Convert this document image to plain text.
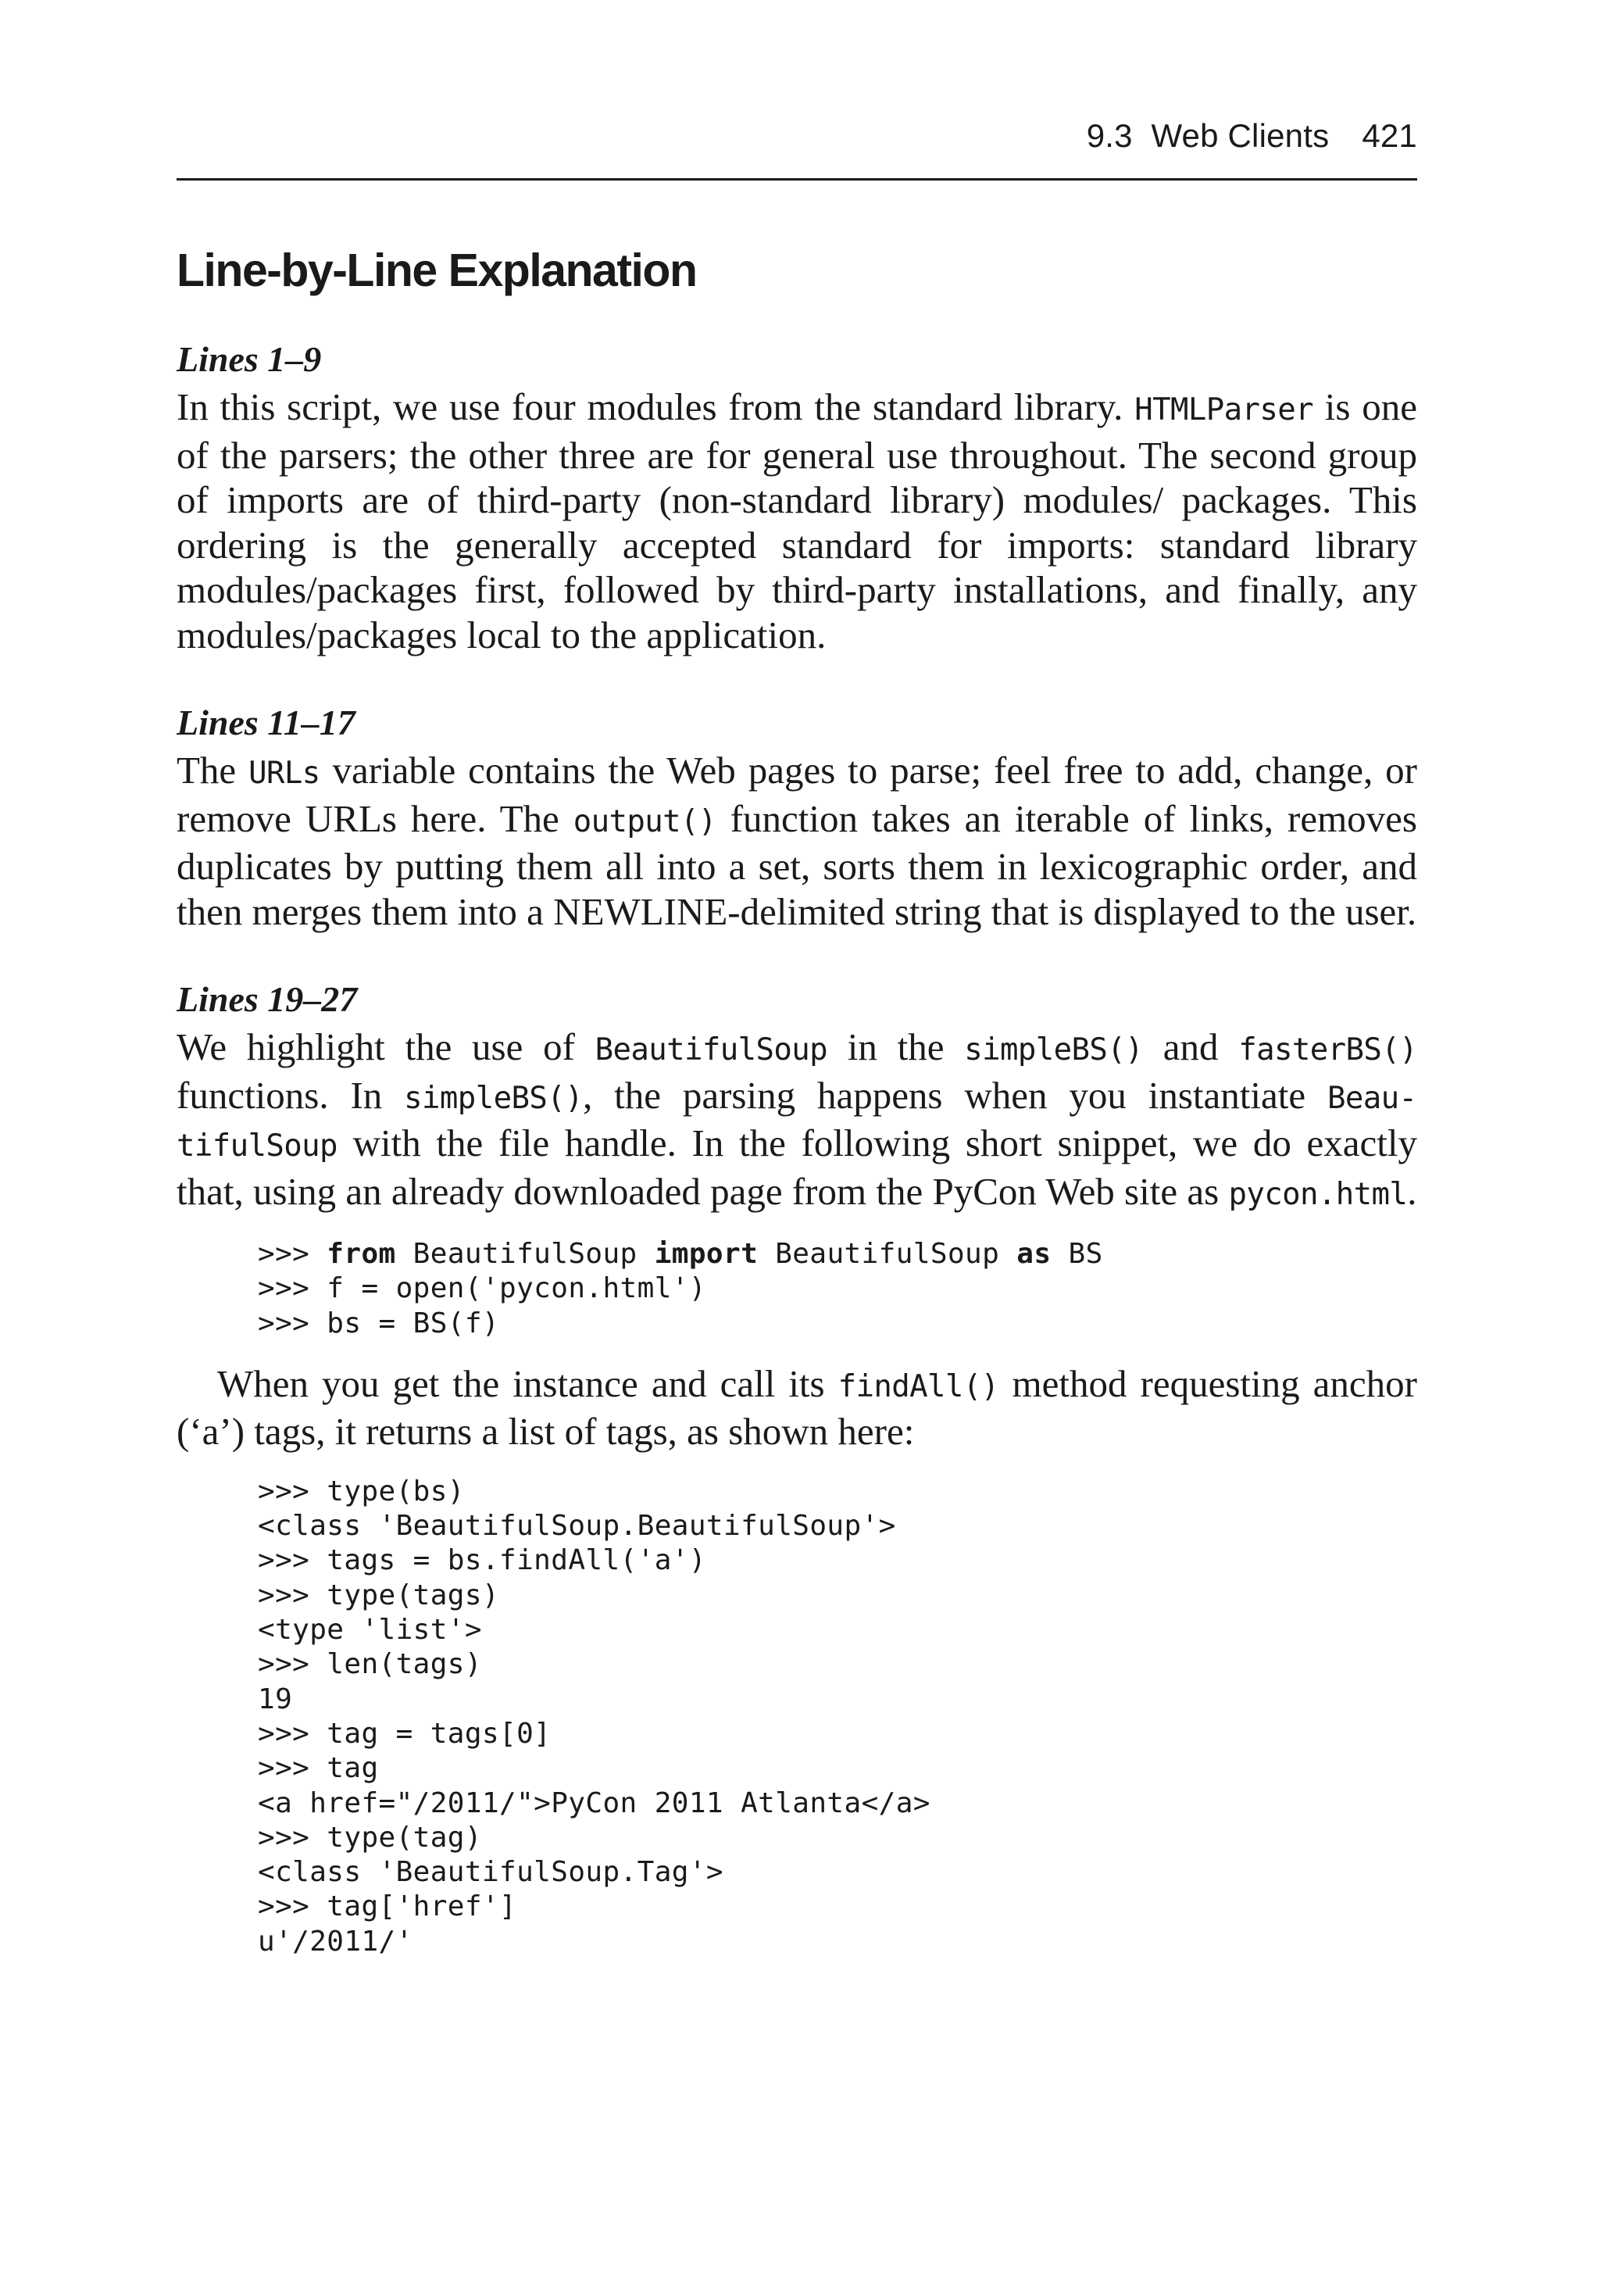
9.3  Web Clients 421
Line-by-Line Explanation
Lines 1–9

In this script, we use four modules from the standard library. HTMLParser is one of the parsers; the other three are for general use throughout. The second group of imports are of third-party (non-standard library) modules/ packages. This ordering is the generally accepted standard for imports: standard library modules/packages first, followed by third-party installations, and finally, any modules/packages local to the application.

Lines 11–17

The URLs variable contains the Web pages to parse; feel free to add, change, or remove URLs here. The output() function takes an iterable of links, removes duplicates by putting them all into a set, sorts them in lexicographic order, and then merges them into a NEWLINE-delimited string that is displayed to the user.

Lines 19–27

We highlight the use of BeautifulSoup in the simpleBS() and fasterBS() functions. In simpleBS(), the parsing happens when you instantiate BeautifulSoup with the file handle. In the following short snippet, we do exactly that, using an already downloaded page from the PyCon Web site as pycon.html.

>>> from BeautifulSoup import BeautifulSoup as BS
>>> f = open('pycon.html')
>>> bs = BS(f)

When you get the instance and call its findAll() method requesting anchor (‘a’) tags, it returns a list of tags, as shown here:

>>> type(bs)
<class 'BeautifulSoup.BeautifulSoup'>
>>> tags = bs.findAll('a')
>>> type(tags)
<type 'list'>
>>> len(tags)
19
>>> tag = tags[0]
>>> tag
<a href="/2011/">PyCon 2011 Atlanta</a>
>>> type(tag)
<class 'BeautifulSoup.Tag'>
>>> tag['href']
u'/2011/'
